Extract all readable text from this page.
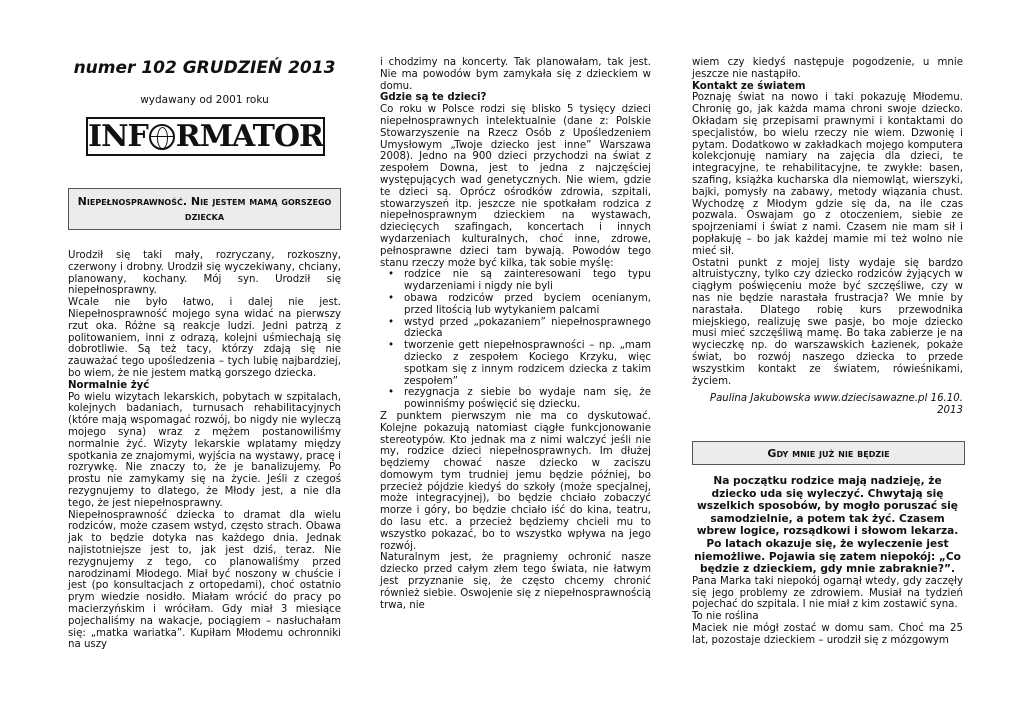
numer 102 GRUDZIEŃ 2013
wydawany od 2001 roku
INF RMATOR
Niepełnosprawność. Nie jestem mamą gorszego dziecka

Urodził się taki mały, rozryczany, rozkoszny, czerwony i drobny. Urodził się wyczekiwany, chciany, planowany, kochany. Mój syn. Urodził się niepełnosprawny.

Wcale nie było łatwo, i dalej nie jest. Niepełnosprawność mojego syna widać na pierwszy rzut oka. Różne są reakcje ludzi. Jedni patrzą z politowaniem, inni z odrazą, kolejni uśmiechają się dobrotliwie. Są też tacy, którzy zdają się nie zauważać tego upośledzenia – tych lubię najbardziej, bo wiem, że nie jestem matką gorszego dziecka.

Normalnie żyć

Po wielu wizytach lekarskich, pobytach w szpitalach, kolejnych badaniach, turnusach rehabilitacyjnych (które mają wspomagać rozwój, bo nigdy nie wyleczą mojego syna) wraz z mężem postanowiliśmy normalnie żyć. Wizyty lekarskie wplatamy między spotkania ze znajomymi, wyjścia na wystawy, pracę i rozrywkę. Nie znaczy to, że je banalizujemy. Po prostu nie zamykamy się na życie. Jeśli z czegoś rezygnujemy to dlatego, że Młody jest, a nie dla tego, że jest niepełnosprawny.

Niepełnosprawność dziecka to dramat dla wielu rodziców, może czasem wstyd, często strach. Obawa jak to będzie dotyka nas każdego dnia. Jednak najistotniejsze jest to, jak jest dziś, teraz. Nie rezygnujemy z tego, co planowaliśmy przed narodzinami Młodego. Miał być noszony w chuście i jest (po konsultacjach z ortopedami), choć ostatnio prym wiedzie nosidło. Miałam wrócić do pracy po macierzyńskim i wróciłam. Gdy miał 3 miesiące pojechaliśmy na wakacje, pociągiem – nasłuchałam się: „matka wariatka”. Kupiłam Młodemu ochronniki na uszy

i chodzimy na koncerty. Tak planowałam, tak jest. Nie ma powodów bym zamykała się z dzieckiem w domu.

Gdzie są te dzieci?

Co roku w Polsce rodzi się blisko 5 tysięcy dzieci niepełnosprawnych intelektualnie (dane z: Polskie Stowarzyszenie na Rzecz Osób z Upośledzeniem Umysłowym „Twoje dziecko jest inne” Warszawa 2008). Jedno na 900 dzieci przychodzi na świat z zespołem Downa, jest to jedna z najczęściej występujących wad genetycznych. Nie wiem, gdzie te dzieci są. Oprócz ośrodków zdrowia, szpitali, stowarzyszeń itp. jeszcze nie spotkałam rodzica z niepełnosprawnym dzieckiem na wystawach, dziecięcych szafingach, koncertach i innych wydarzeniach kulturalnych, choć inne, zdrowe, pełnosprawne dzieci tam bywają. Powodów tego stanu rzeczy może być kilka, tak sobie myślę:

• rodzice nie są zainteresowani tego typu wydarzeniami i nigdy nie byli
• obawa rodziców przed byciem ocenianym, przed litością lub wytykaniem palcami
• wstyd przed „pokazaniem” niepełnosprawnego dziecka
• tworzenie gett niepełnosprawności – np. „mam dziecko z zespołem Kociego Krzyku, więc spotkam się z innym rodzicem dziecka z takim zespołem”
• rezygnacja z siebie bo wydaje nam się, że powinniśmy poświęcić się dziecku.

Z punktem pierwszym nie ma co dyskutować. Kolejne pokazują natomiast ciągłe funkcjonowanie stereotypów. Kto jednak ma z nimi walczyć jeśli nie my, rodzice dzieci niepełnosprawnych. Im dłużej będziemy chować nasze dziecko w zaciszu domowym tym trudniej jemu będzie później, bo przecież pójdzie kiedyś do szkoły (może specjalnej, może integracyjnej), bo będzie chciało zobaczyć morze i góry, bo będzie chciało iść do kina, teatru, do lasu etc. a przecież będziemy chcieli mu to wszystko pokazać, bo to wszystko wpływa na jego rozwój.

Naturalnym jest, że pragniemy ochronić nasze dziecko przed całym złem tego świata, nie łatwym jest przyznanie się, że często chcemy chronić również siebie. Oswojenie się z niepełnosprawnością trwa, nie

wiem czy kiedyś następuje pogodzenie, u mnie jeszcze nie nastąpiło.

Kontakt ze światem

Poznaję świat na nowo i taki pokazuję Młodemu. Chronię go, jak każda mama chroni swoje dziecko. Okładam się przepisami prawnymi i kontaktami do specjalistów, bo wielu rzeczy nie wiem. Dzwonię i pytam. Dodatkowo w zakładkach mojego komputera kolekcjonuję namiary na zajęcia dla dzieci, te integracyjne, te rehabilitacyjne, te zwykłe: basen, szafing, książka kucharska dla niemowląt, wierszyki, bajki, pomysły na zabawy, metody wiązania chust. Wychodzę z Młodym gdzie się da, na ile czas pozwala. Oswajam go z otoczeniem, siebie ze spojrzeniami i świat z nami. Czasem nie mam sił i popłakuję – bo jak każdej mamie mi też wolno nie mieć sił.

Ostatni punkt z mojej listy wydaje się bardzo altruistyczny, tylko czy dziecko rodziców żyjących w ciągłym poświęceniu może być szczęśliwe, czy w nas nie będzie narastała frustracja? We mnie by narastała. Dlatego robię kurs przewodnika miejskiego, realizuję swe pasje, bo moje dziecko musi mieć szczęśliwą mamę. Bo taka zabierze je na wycieczkę np. do warszawskich Łazienek, pokaże świat, bo rozwój naszego dziecka to przede wszystkim kontakt ze światem, rówieśnikami, życiem.

Paulina Jakubowska www.dziecisawazne.pl 16.10. 2013

Gdy mnie już nie będzie

Na początku rodzice mają nadzieję, że dziecko uda się wyleczyć. Chwytają się wszelkich sposobów, by mogło poruszać się samodzielnie, a potem tak żyć. Czasem wbrew logice, rozsądkowi i słowom lekarza. Po latach okazuje się, że wyleczenie jest niemożliwe. Pojawia się zatem niepokój: „Co będzie z dzieckiem, gdy mnie zabraknie?”.

Pana Marka taki niepokój ogarnął wtedy, gdy zaczęły się jego problemy ze zdrowiem. Musiał na tydzień pojechać do szpitala. I nie miał z kim zostawić syna.

To nie roślina

Maciek nie mógł zostać w domu sam. Choć ma 25 lat, pozostaje dzieckiem – urodził się z mózgowym
